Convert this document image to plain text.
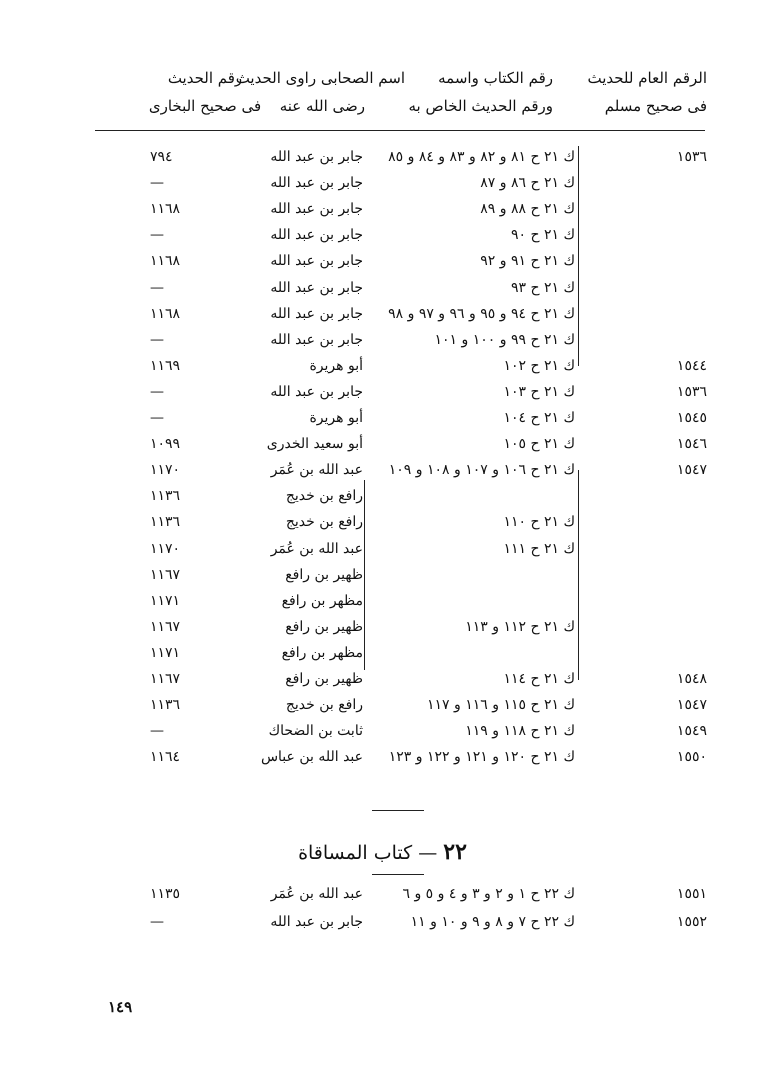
الرقم العام للحديث
فى صحيح مسلم
رقم الكتاب واسمه
ورقم الحديث الخاص به
اسم الصحابى راوى الحديث
رضى الله عنه
رقم الحديث
فى صحيح البخارى
١٥٣٦
ك ٢١ ح ٨١ و ٨٢ و ٨٣ و ٨٤ و ٨٥
جابر بن عبد الله
٧٩٤
ك ٢١ ح ٨٦ و ٨٧
جابر بن عبد الله
—
ك ٢١ ح ٨٨ و ٨٩
جابر بن عبد الله
١١٦٨
ك ٢١ ح ٩٠
جابر بن عبد الله
—
ك ٢١ ح ٩١ و ٩٢
جابر بن عبد الله
١١٦٨
ك ٢١ ح ٩٣
جابر بن عبد الله
—
ك ٢١ ح ٩٤ و ٩٥ و ٩٦ و ٩٧ و ٩٨
جابر بن عبد الله
١١٦٨
ك ٢١ ح ٩٩ و ١٠٠ و ١٠١
جابر بن عبد الله
—
١٥٤٤
ك ٢١ ح ١٠٢
أبو هريرة
١١٦٩
١٥٣٦
ك ٢١ ح ١٠٣
جابر بن عبد الله
—
١٥٤٥
ك ٢١ ح ١٠٤
أبو هريرة
—
١٥٤٦
ك ٢١ ح ١٠٥
أبو سعيد الخدرى
١٠٩٩
١٥٤٧
ك ٢١ ح ١٠٦ و ١٠٧ و ١٠٨ و ١٠٩
عبد الله بن عُمَر
١١٧٠
رافع بن خديج
١١٣٦
ك ٢١ ح ١١٠
رافع بن خديج
١١٣٦
ك ٢١ ح ١١١
عبد الله بن عُمَر
١١٧٠
ظهير بن رافع
١١٦٧
مظهر بن رافع
١١٧١
ك ٢١ ح ١١٢ و ١١٣
ظهير بن رافع
١١٦٧
مظهر بن رافع
١١٧١
١٥٤٨
ك ٢١ ح ١١٤
ظهير بن رافع
١١٦٧
١٥٤٧
ك ٢١ ح ١١٥ و ١١٦ و ١١٧
رافع بن خديج
١١٣٦
١٥٤٩
ك ٢١ ح ١١٨ و ١١٩
ثابت بن الضحاك
—
١٥٥٠
ك ٢١ ح ١٢٠ و ١٢١ و ١٢٢ و ١٢٣
عبد الله بن عباس
١١٦٤
٢٢ — كتاب المساقاة
١٥٥١
ك ٢٢ ح ١ و ٢ و ٣ و ٤ و ٥ و ٦
عبد الله بن عُمَر
١١٣٥
١٥٥٢
ك ٢٢ ح ٧ و ٨ و ٩ و ١٠ و ١١
جابر بن عبد الله
—
١٤٩
